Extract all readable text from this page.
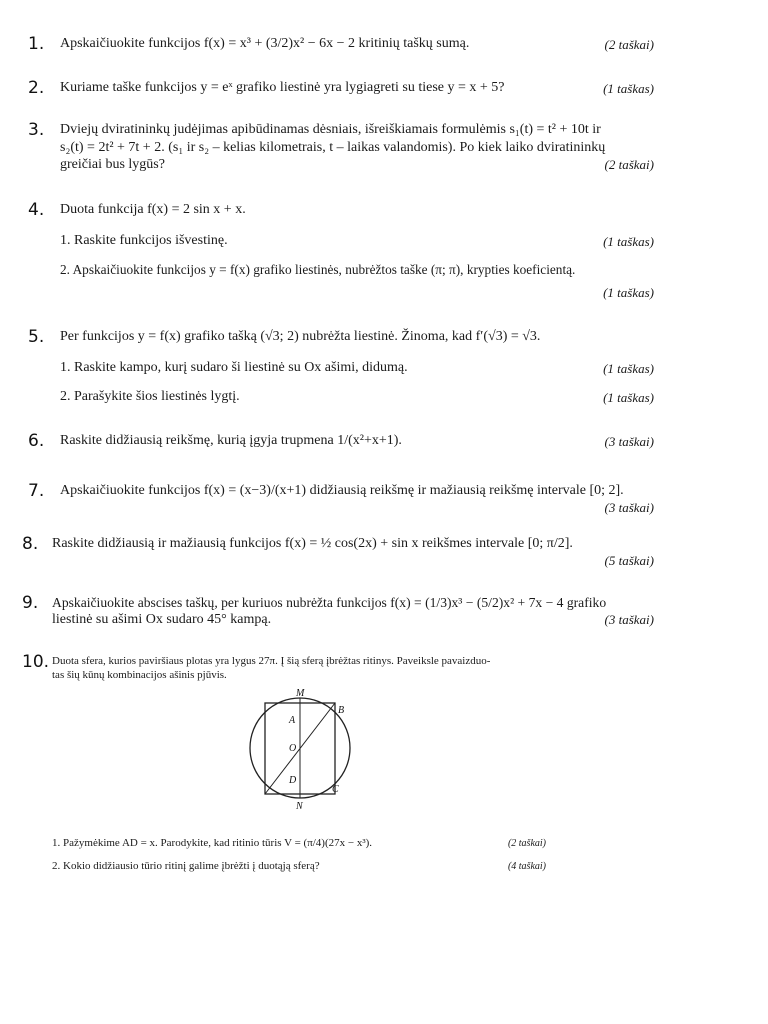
1. Apskaičiuokite funkcijos f(x) = x³ + (3/2)x² − 6x − 2 kritinių taškų sumą.	(2 taškai)
2. Kuriame taške funkcijos y = eˣ grafiko liestinė yra lygiagreti su tiese y = x + 5?	(1 taškas)
3. Dviejų dviratininkų judėjimas apibūdinamas dėsniais, išreiškiamais formulėmis s₁(t) = t² + 10t ir
s₂(t) = 2t² + 7t + 2. (s₁ ir s₂ – kelias kilometrais, t – laikas valandomis). Po kiek laiko dviratininkų
greičiai bus lygūs?	(2 taškai)
4. Duota funkcija f(x) = 2 sin x + x.
1. Raskite funkcijos išvestinę.	(1 taškas)
2. Apskaičiuokite funkcijos y = f(x) grafiko liestinės, nubrėžtos taške (π; π), krypties koeficientą.
(1 taškas)
5. Per funkcijos y = f(x) grafiko tašką (√3; 2) nubrėžta liestinė. Žinoma, kad f′(√3) = √3.
1. Raskite kampo, kurį sudaro ši liestinė su Ox ašimi, didumą.	(1 taškas)
2. Parašykite šios liestinės lygtį.	(1 taškas)
6. Raskite didžiausią reikšmę, kurią įgyja trupmena 1/(x²+x+1).	(3 taškai)
7. Apskaičiuokite funkcijos f(x) = (x−3)/(x+1) didžiausią reikšmę ir mažiausią reikšmę intervale [0; 2].
(3 taškai)
8. Raskite didžiausią ir mažiausią funkcijos f(x) = ½ cos(2x) + sin x reikšmes intervale [0; π/2].
(5 taškai)
9. Apskaičiuokite abscises taškų, per kuriuos nubrėžta funkcijos f(x) = (1/3)x³ − (5/2)x² + 7x − 4 grafiko
liestinė su ašimi Ox sudaro 45° kampą.	(3 taškai)
10. Duota sfera, kurios paviršiaus plotas yra lygus 27π. Į šią sferą įbrėžtas ritinys. Paveiksle pavaizduo-
tas šių kūnų kombinacijos ašinis pjūvis.
M
A
B
O
D
C
N
1. Pažymėkime AD = x. Parodykite, kad ritinio tūris V = (π/4)(27x − x³).	(2 taškai)
2. Kokio didžiausio tūrio ritinį galime įbrėžti į duotąją sferą?	(4 taškai)
